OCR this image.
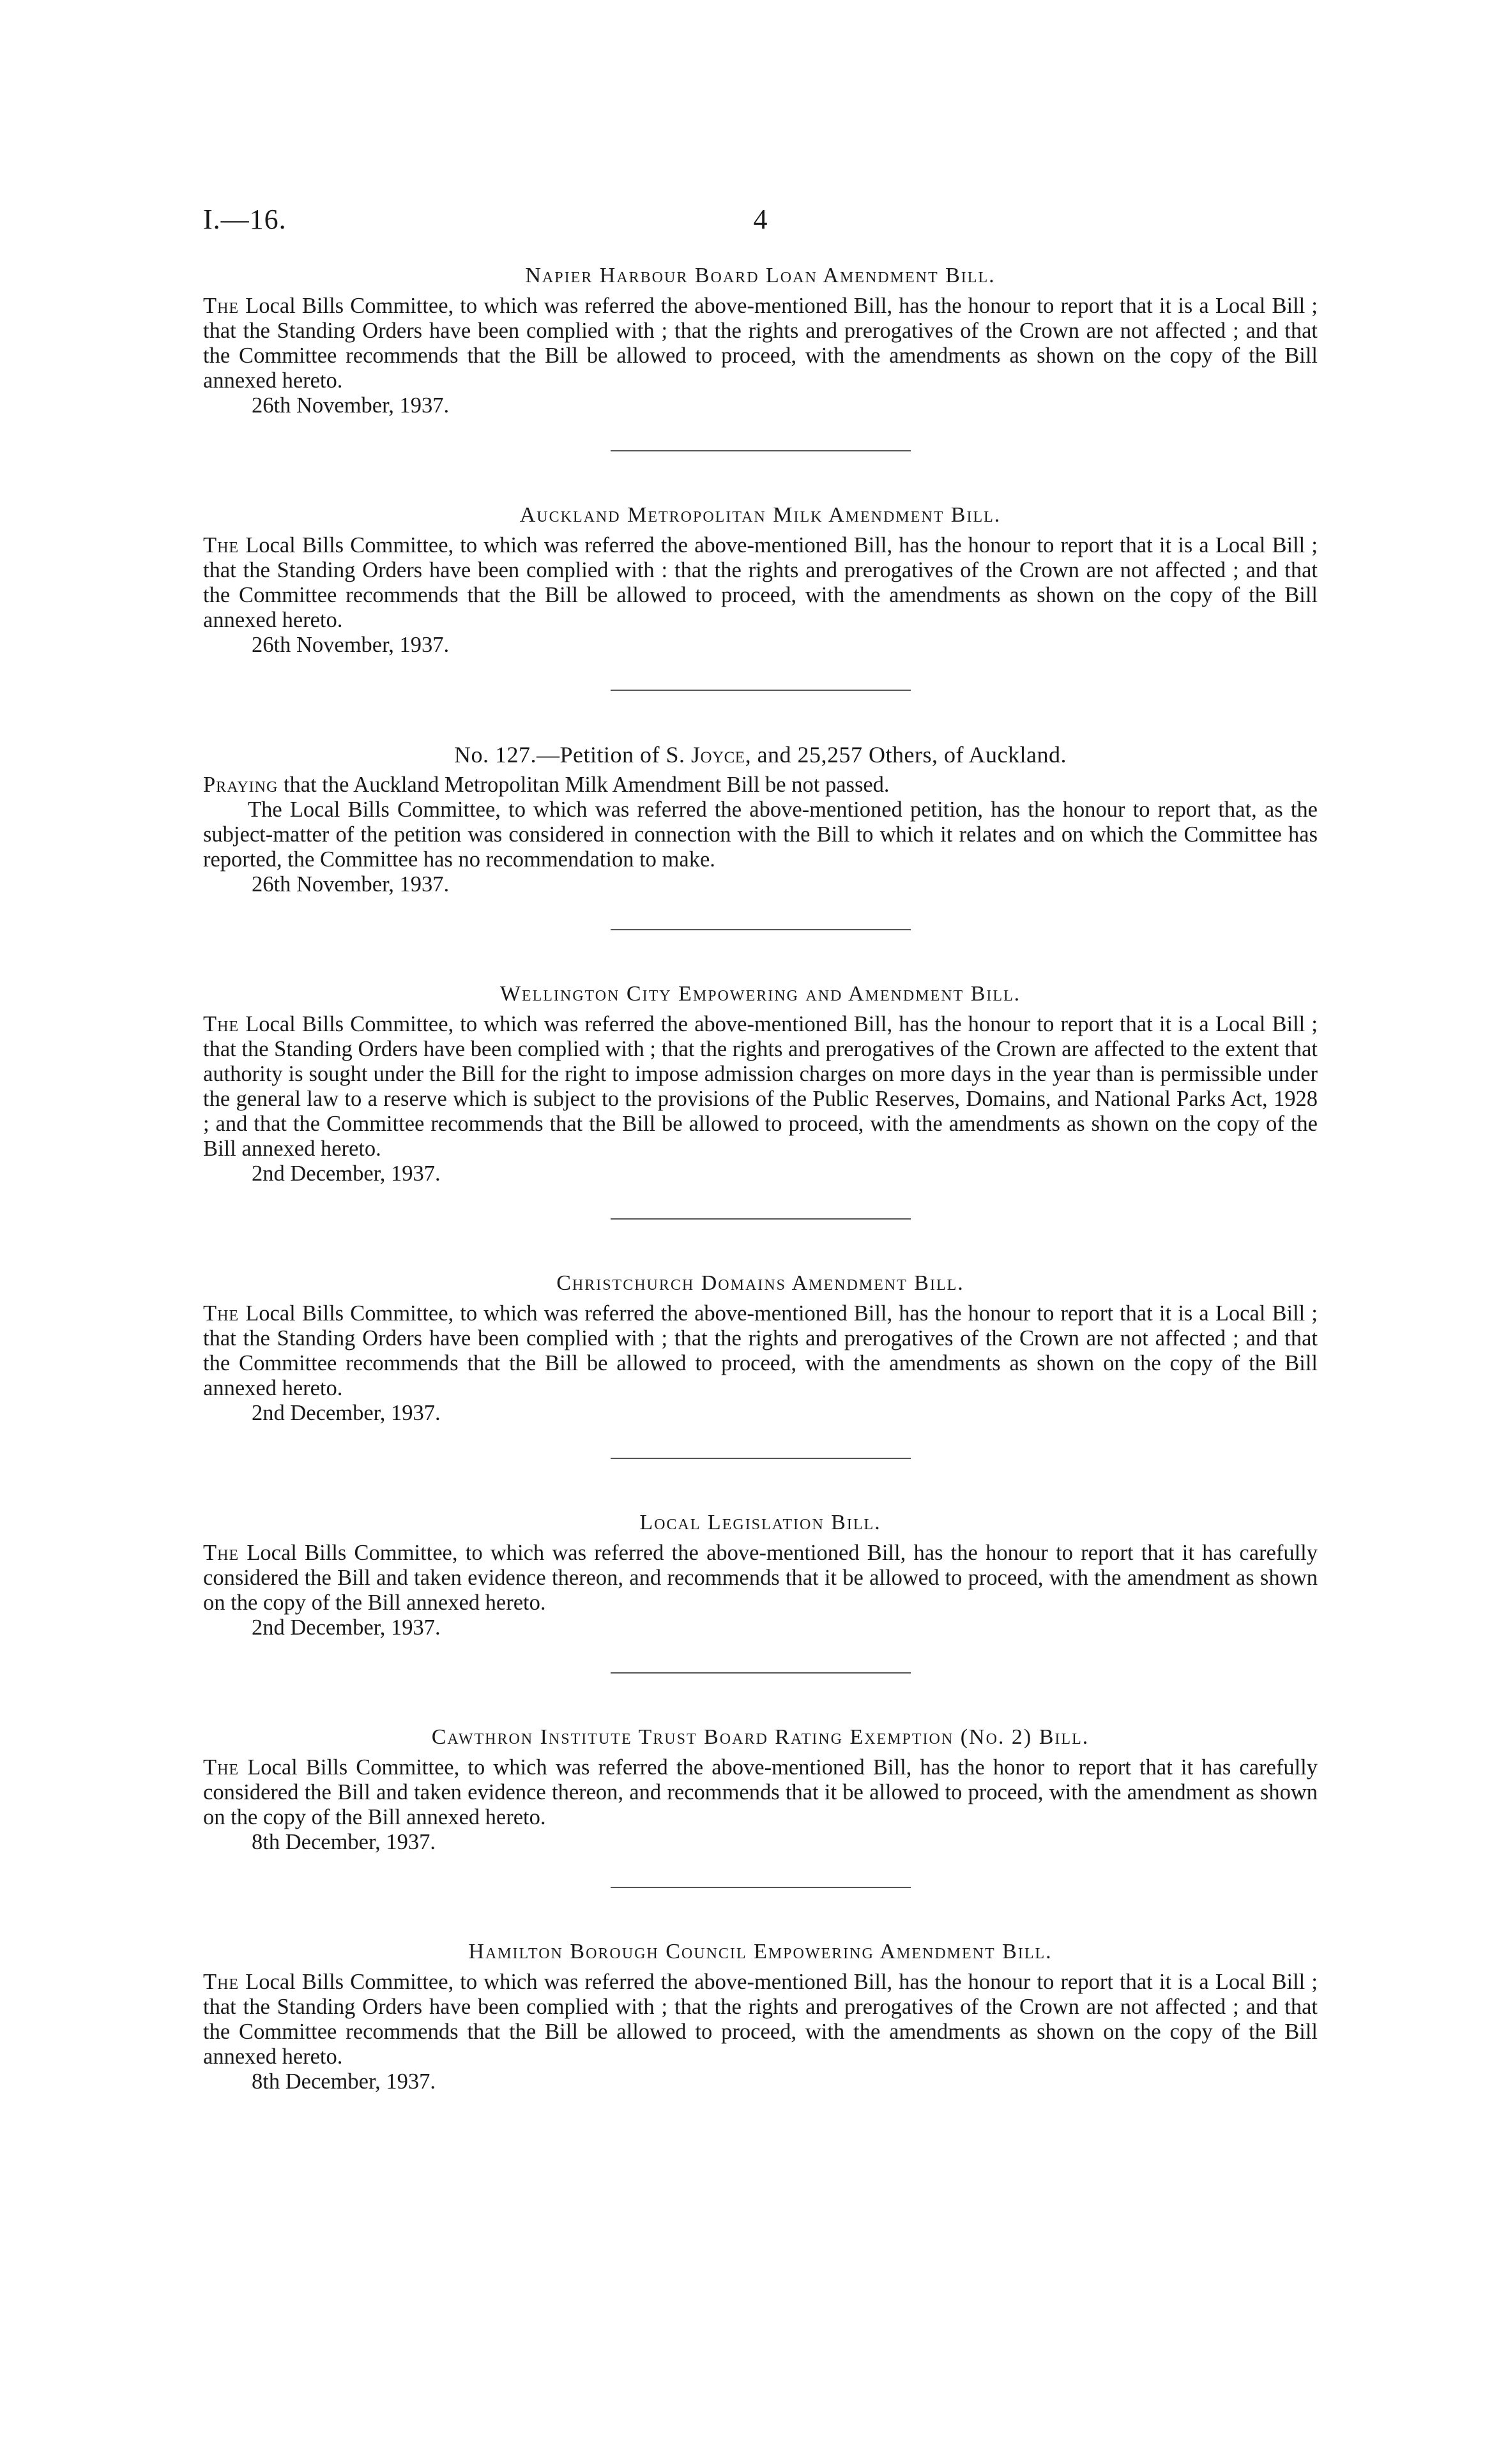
I.—16.	4
Napier Harbour Board Loan Amendment Bill.

The Local Bills Committee, to which was referred the above-mentioned Bill, has the honour to report that it is a Local Bill ; that the Standing Orders have been complied with ; that the rights and prerogatives of the Crown are not affected ; and that the Committee recommends that the Bill be allowed to proceed, with the amendments as shown on the copy of the Bill annexed hereto.

26th November, 1937.

Auckland Metropolitan Milk Amendment Bill.

The Local Bills Committee, to which was referred the above-mentioned Bill, has the honour to report that it is a Local Bill ; that the Standing Orders have been complied with : that the rights and prerogatives of the Crown are not affected ; and that the Committee recommends that the Bill be allowed to proceed, with the amendments as shown on the copy of the Bill annexed hereto.

26th November, 1937.

No. 127.—Petition of S. Joyce, and 25,257 Others, of Auckland.

Praying that the Auckland Metropolitan Milk Amendment Bill be not passed.

The Local Bills Committee, to which was referred the above-mentioned petition, has the honour to report that, as the subject-matter of the petition was considered in connection with the Bill to which it relates and on which the Committee has reported, the Committee has no recommendation to make.

26th November, 1937.

Wellington City Empowering and Amendment Bill.

The Local Bills Committee, to which was referred the above-mentioned Bill, has the honour to report that it is a Local Bill ; that the Standing Orders have been complied with ; that the rights and prerogatives of the Crown are affected to the extent that authority is sought under the Bill for the right to impose admission charges on more days in the year than is permissible under the general law to a reserve which is subject to the provisions of the Public Reserves, Domains, and National Parks Act, 1928 ; and that the Committee recommends that the Bill be allowed to proceed, with the amendments as shown on the copy of the Bill annexed hereto.

2nd December, 1937.

Christchurch Domains Amendment Bill.

The Local Bills Committee, to which was referred the above-mentioned Bill, has the honour to report that it is a Local Bill ; that the Standing Orders have been complied with ; that the rights and prerogatives of the Crown are not affected ; and that the Committee recommends that the Bill be allowed to proceed, with the amendments as shown on the copy of the Bill annexed hereto.

2nd December, 1937.

Local Legislation Bill.

The Local Bills Committee, to which was referred the above-mentioned Bill, has the honour to report that it has carefully considered the Bill and taken evidence thereon, and recommends that it be allowed to proceed, with the amendment as shown on the copy of the Bill annexed hereto.

2nd December, 1937.

Cawthron Institute Trust Board Rating Exemption (No. 2) Bill.

The Local Bills Committee, to which was referred the above-mentioned Bill, has the honor to report that it has carefully considered the Bill and taken evidence thereon, and recommends that it be allowed to proceed, with the amendment as shown on the copy of the Bill annexed hereto.

8th December, 1937.

Hamilton Borough Council Empowering Amendment Bill.

The Local Bills Committee, to which was referred the above-mentioned Bill, has the honour to report that it is a Local Bill ; that the Standing Orders have been complied with ; that the rights and prerogatives of the Crown are not affected ; and that the Committee recommends that the Bill be allowed to proceed, with the amendments as shown on the copy of the Bill annexed hereto.

8th December, 1937.
